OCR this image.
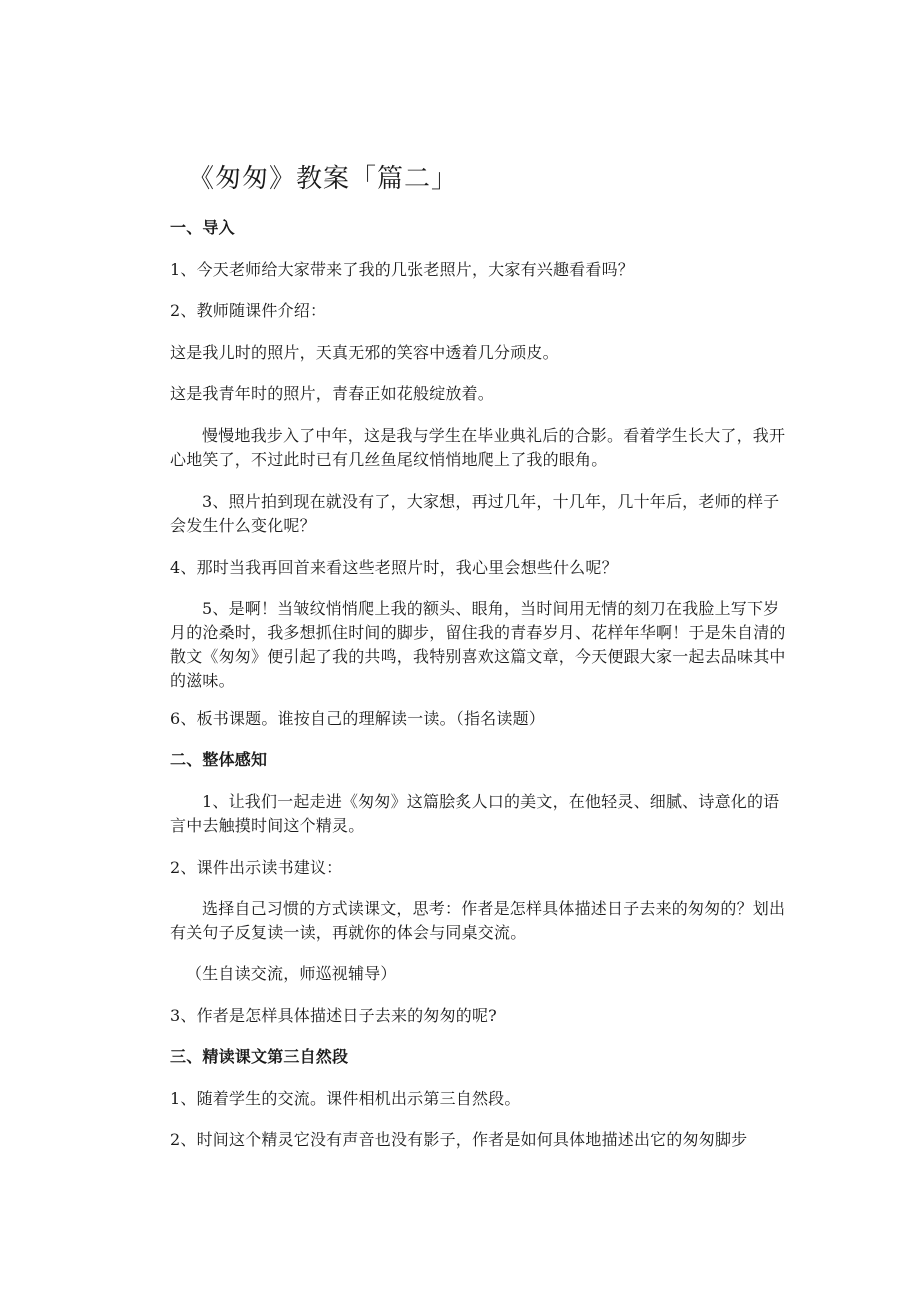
《匆匆》教案「篇二」

一、导入

1、今天老师给大家带来了我的几张老照片，大家有兴趣看看吗？

2、教师随课件介绍：

这是我儿时的照片，天真无邪的笑容中透着几分顽皮。

这是我青年时的照片，青春正如花般绽放着。

慢慢地我步入了中年，这是我与学生在毕业典礼后的合影。看着学生长大了，我开心地笑了，不过此时已有几丝鱼尾纹悄悄地爬上了我的眼角。

3、照片拍到现在就没有了，大家想，再过几年，十几年，几十年后，老师的样子会发生什么变化呢？

4、那时当我再回首来看这些老照片时，我心里会想些什么呢？

5、是啊！当皱纹悄悄爬上我的额头、眼角，当时间用无情的刻刀在我脸上写下岁月的沧桑时，我多想抓住时间的脚步，留住我的青春岁月、花样年华啊！于是朱自清的散文《匆匆》便引起了我的共鸣，我特别喜欢这篇文章，今天便跟大家一起去品味其中的滋味。

6、板书课题。谁按自己的理解读一读。（指名读题）

二、整体感知

1、让我们一起走进《匆匆》这篇脍炙人口的美文，在他轻灵、细腻、诗意化的语言中去触摸时间这个精灵。

2、课件出示读书建议：

选择自己习惯的方式读课文，思考：作者是怎样具体描述日子去来的匆匆的？划出有关句子反复读一读，再就你的体会与同桌交流。

（生自读交流，师巡视辅导）

3、作者是怎样具体描述日子去来的匆匆的呢?

三、精读课文第三自然段

1、随着学生的交流。课件相机出示第三自然段。

2、时间这个精灵它没有声音也没有影子，作者是如何具体地描述出它的匆匆脚步
